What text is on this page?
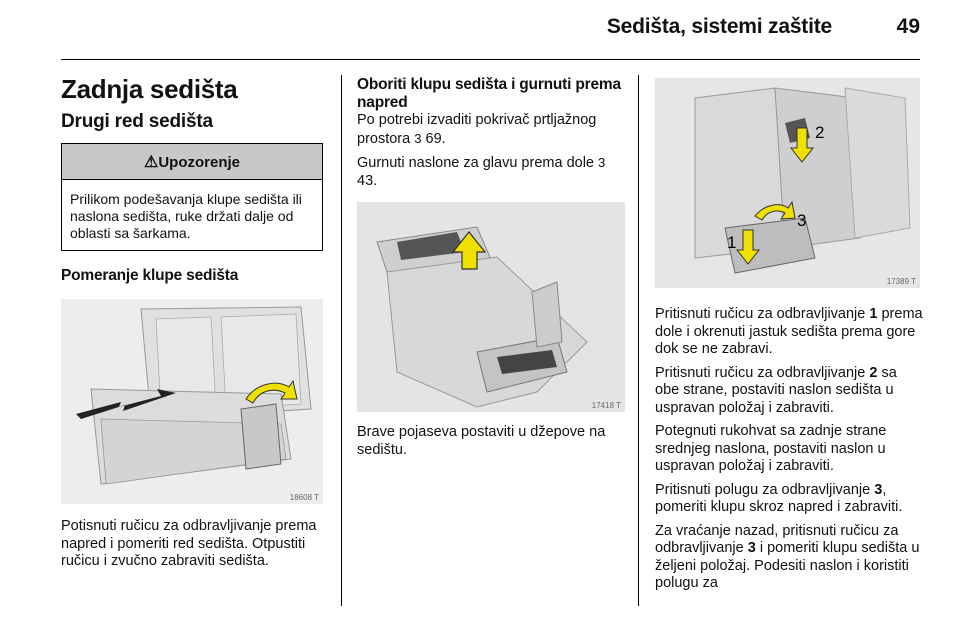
Sedišta, sistemi zaštite	49
Zadnja sedišta
Drugi red sedišta
⚠Upozorenje
Prilikom podešavanja klupe sedišta ili naslona sedišta, ruke držati dalje od oblasti sa šarkama.
Pomeranje klupe sedišta
18608 T

Potisnuti ručicu za odbravljivanje prema napred i pomeriti red sedišta. Otpustiti ručicu i zvučno zabraviti sedišta.

Oboriti klupu sedišta i gurnuti prema napred

Po potrebi izvaditi pokrivač prtljažnog prostora 3 69.

Gurnuti naslone za glavu prema dole 3 43.

17418 T

Brave pojaseva postaviti u džepove na sedištu.

2
3
1
17389 T

Pritisnuti ručicu za odbravljivanje 1 prema dole i okrenuti jastuk sedišta prema gore dok se ne zabravi.

Pritisnuti ručicu za odbravljivanje 2 sa obe strane, postaviti naslon sedišta u uspravan položaj i zabraviti.

Potegnuti rukohvat sa zadnje strane srednjeg naslona, postaviti naslon u uspravan položaj i zabraviti.

Pritisnuti polugu za odbravljivanje 3, pomeriti klupu skroz napred i zabraviti.

Za vraćanje nazad, pritisnuti ručicu za odbravljivanje 3 i pomeriti klupu sedišta u željeni položaj. Podesiti naslon i koristiti polugu za
